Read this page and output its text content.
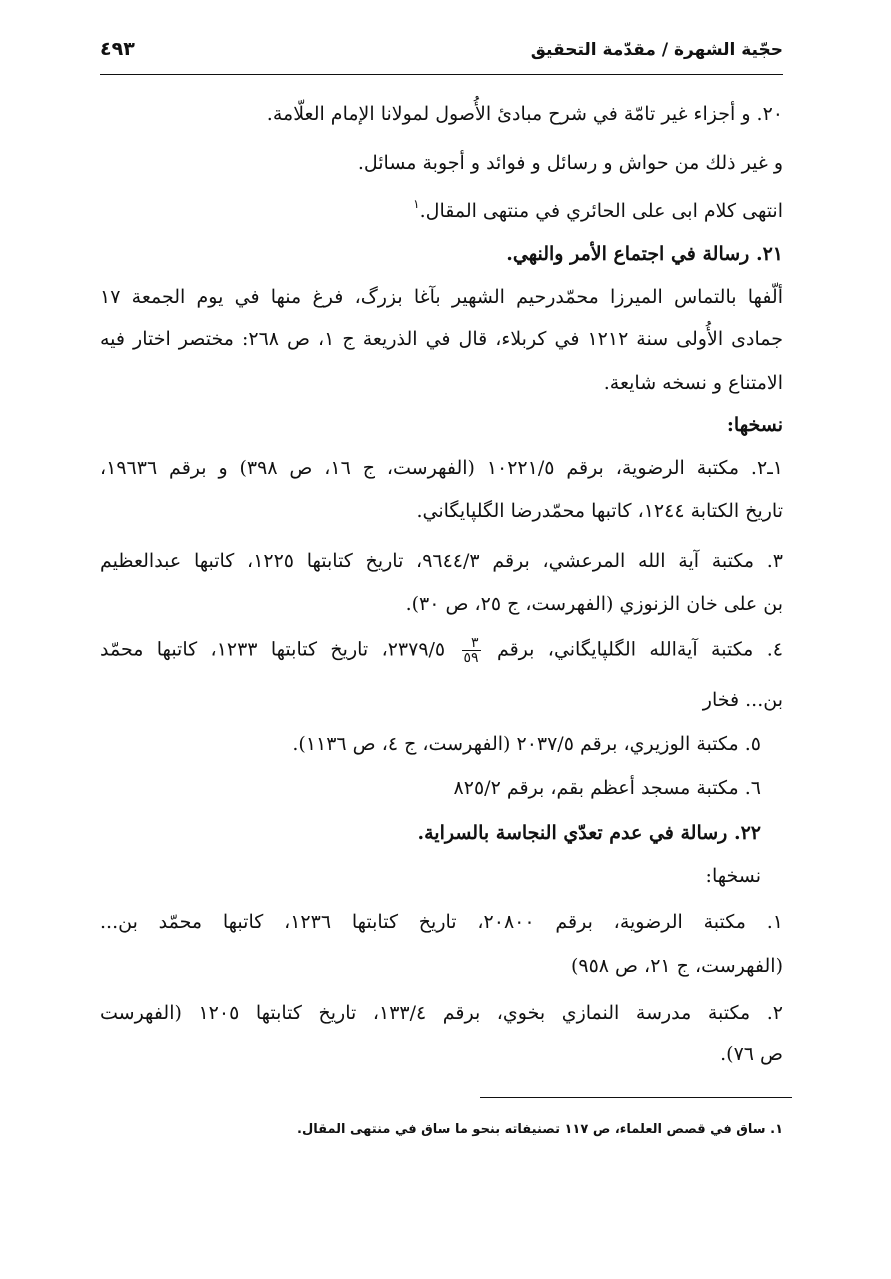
حجّية الشهرة / مقدّمة التحقيق
٤٩٣
٢٠. و أجزاء غير تامّة في شرح مبادئ الأُصول لمولانا الإمام العلّامة.
و غير ذلك من حواش و رسائل و فوائد و أجوبة مسائل.
انتهى كلام ابى على الحائري في منتهى المقال.$^١$
٢١. رسالة في اجتماع الأمر والنهي.
ألّفها بالتماس الميرزا محمّدرحيم الشهير بآغا بزرگ، فرغ منها في يوم الجمعة ١٧
جمادى الأُولى سنة ١٢١٢ في كربلاء، قال في الذريعة ج ١، ص ٢٦٨: مختصر اختار فيه
الامتناع و نسخه شايعة.
نسخها:
١ـ٢. مكتبة الرضوية، برقم ١٠٢٢١/٥ (الفهرست، ج ١٦، ص ٣٩٨) و برقم ١٩٦٣٦،
تاريخ الكتابة ١٢٤٤، كاتبها محمّدرضا الگلپايگاني.
٣. مكتبة آية الله المرعشي، برقم ٩٦٤٤/٣، تاريخ كتابتها ١٢٢٥، كاتبها عبدالعظيم
بن على خان الزنوزي (الفهرست، ج ٢٥، ص ٣٠).
٤. مكتبة آيةالله الگلپايگاني، برقم
$\frac{٣}{٥٩}$
٢٣٧٩/٥، تاريخ كتابتها ١٢٣٣، كاتبها محمّد
بن... فخار
٥. مكتبة الوزيري، برقم ٢٠٣٧/٥ (الفهرست، ج ٤، ص ١١٣٦).
٦. مكتبة مسجد أعظم بقم، برقم ٨٢٥/٢
٢٢. رسالة في عدم تعدّي النجاسة بالسراية.
نسخها:
١. مكتبة الرضوية، برقم ٢٠٨٠٠، تاريخ كتابتها ١٢٣٦، كاتبها محمّد بن...
(الفهرست، ج ٢١، ص ٩٥٨)
٢. مكتبة مدرسة النمازي بخوي، برقم ١٣٣/٤، تاريخ كتابتها ١٢٠٥ (الفهرست
ص ٧٦).
١. ساق في قصص العلماء، ص ١١٧ تصنيفاته بنحو ما ساق في منتهى المقال.
